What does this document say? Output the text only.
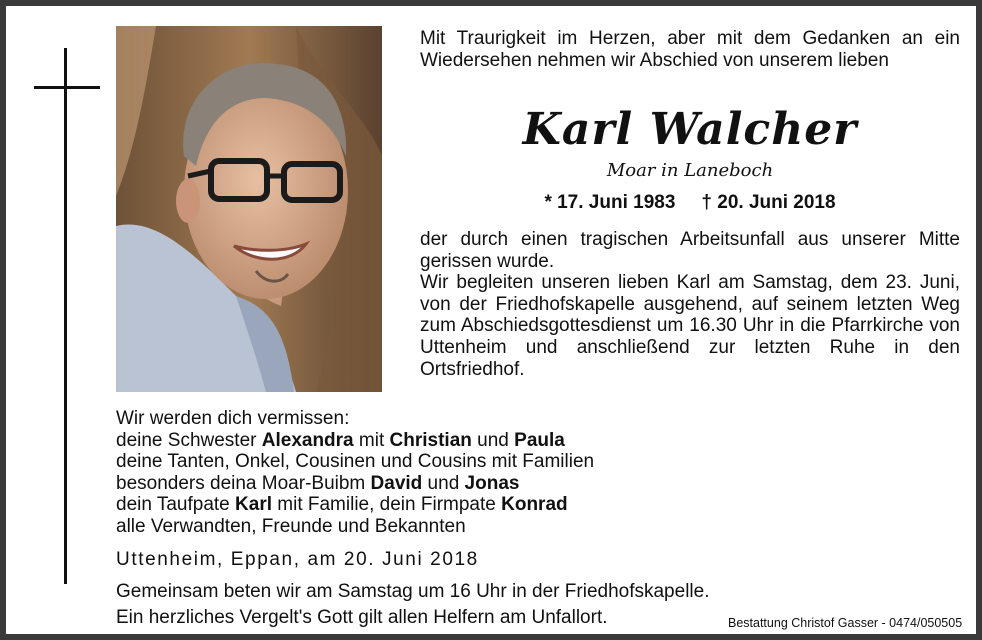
Mit Traurigkeit im Herzen, aber mit dem Gedanken an ein Wiedersehen nehmen wir Abschied von unserem lieben
Karl Walcher
Moar in Laneboch
* 17. Juni 1983 † 20. Juni 2018

der durch einen tragischen Arbeitsunfall aus unserer Mitte gerissen wurde.

Wir begleiten unseren lieben Karl am Samstag, dem 23. Juni, von der Friedhofskapelle ausgehend, auf seinem letzten Weg zum Abschiedsgottesdienst um 16.30 Uhr in die Pfarrkirche von Uttenheim und anschließend zur letzten Ruhe in den Ortsfriedhof.

Wir werden dich vermissen:
deine Schwester Alexandra mit Christian und Paula
deine Tanten, Onkel, Cousinen und Cousins mit Familien
besonders deina Moar-Buibm David und Jonas
dein Taufpate Karl mit Familie, dein Firmpate Konrad
alle Verwandten, Freunde und Bekannten
Uttenheim, Eppan, am 20. Juni 2018
Gemeinsam beten wir am Samstag um 16 Uhr in der Friedhofskapelle.
Ein herzliches Vergelt's Gott gilt allen Helfern am Unfallort.	Bestattung Christof Gasser - 0474/050505
